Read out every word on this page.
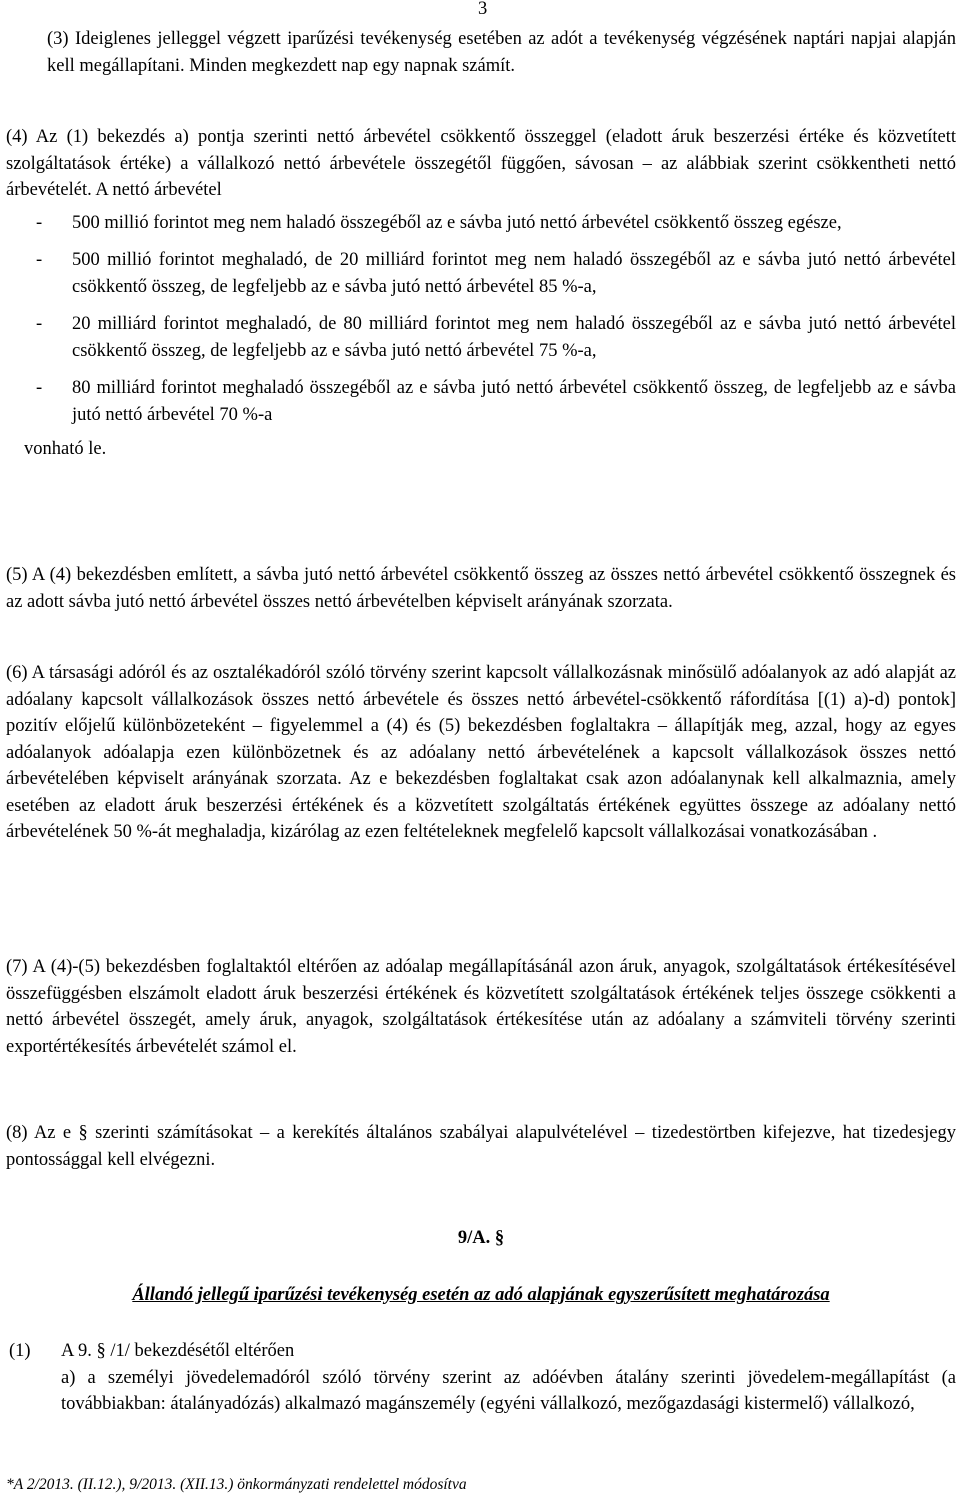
3

(3) Ideiglenes jelleggel végzett iparűzési tevékenység esetében az adót a tevékenység végzésének naptári napjai alapján kell megállapítani. Minden megkezdett nap egy napnak számít.

(4) Az (1) bekezdés a) pontja szerinti nettó árbevétel csökkentő összeggel (eladott áruk beszerzési értéke és közvetített szolgáltatások értéke) a vállalkozó nettó árbevétele összegétől függően, sávosan – az alábbiak szerint csökkentheti nettó árbevételét. A nettó árbevétel

- 500 millió forintot meg nem haladó összegéből az e sávba jutó nettó árbevétel csökkentő összeg egésze,

- 500 millió forintot meghaladó, de 20 milliárd forintot meg nem haladó összegéből az e sávba jutó nettó árbevétel csökkentő összeg, de legfeljebb az e sávba jutó nettó árbevétel 85 %-a,

- 20 milliárd forintot meghaladó, de 80 milliárd forintot meg nem haladó összegéből az e sávba jutó nettó árbevétel csökkentő összeg, de legfeljebb az e sávba jutó nettó árbevétel 75 %-a,

- 80 milliárd forintot meghaladó összegéből az e sávba jutó nettó árbevétel csökkentő összeg, de legfeljebb az e sávba jutó nettó árbevétel 70 %-a

vonható le.

(5) A (4) bekezdésben említett, a sávba jutó nettó árbevétel csökkentő összeg az összes nettó árbevétel csökkentő összegnek és az adott sávba jutó nettó árbevétel összes nettó árbevételben képviselt arányának szorzata.

(6) A társasági adóról és az osztalékadóról szóló törvény szerint kapcsolt vállalkozásnak minősülő adóalanyok az adó alapját az adóalany kapcsolt vállalkozások összes nettó árbevétele és összes nettó árbevétel-csökkentő ráfordítása [(1) a)-d) pontok] pozitív előjelű különbözeteként – figyelemmel a (4) és (5) bekezdésben foglaltakra – állapítják meg, azzal, hogy az egyes adóalanyok adóalapja ezen különbözetnek és az adóalany nettó árbevételének a kapcsolt vállalkozások összes nettó árbevételében képviselt arányának szorzata. Az e bekezdésben foglaltakat csak azon adóalanynak kell alkalmaznia, amely esetében az eladott áruk beszerzési értékének és a közvetített szolgáltatás értékének együttes összege az adóalany nettó árbevételének 50 %-át meghaladja, kizárólag az ezen feltételeknek megfelelő kapcsolt vállalkozásai vonatkozásában .

(7) A (4)-(5) bekezdésben foglaltaktól eltérően az adóalap megállapításánál azon áruk, anyagok, szolgáltatások értékesítésével összefüggésben elszámolt eladott áruk beszerzési értékének és közvetített szolgáltatások értékének teljes összege csökkenti a nettó árbevétel összegét, amely áruk, anyagok, szolgáltatások értékesítése után az adóalany a számviteli törvény szerinti exportértékesítés árbevételét számol el.

(8) Az e § szerinti számításokat – a kerekítés általános szabályai alapulvételével – tizedestörtben kifejezve, hat tizedesjegy pontossággal kell elvégezni.

9/A. §
Állandó jellegű iparűzési tevékenység esetén az adó alapjának egyszerűsített meghatározása
(1) A 9. § /1/ bekezdésétől eltérően

a) a személyi jövedelemadóról szóló törvény szerint az adóévben átalány szerinti jövedelem-megállapítást (a továbbiakban: átalányadózás) alkalmazó magánszemély (egyéni vállalkozó, mezőgazdasági kistermelő) vállalkozó,

*A 2/2013. (II.12.), 9/2013. (XII.13.) önkormányzati rendelettel módosítva
